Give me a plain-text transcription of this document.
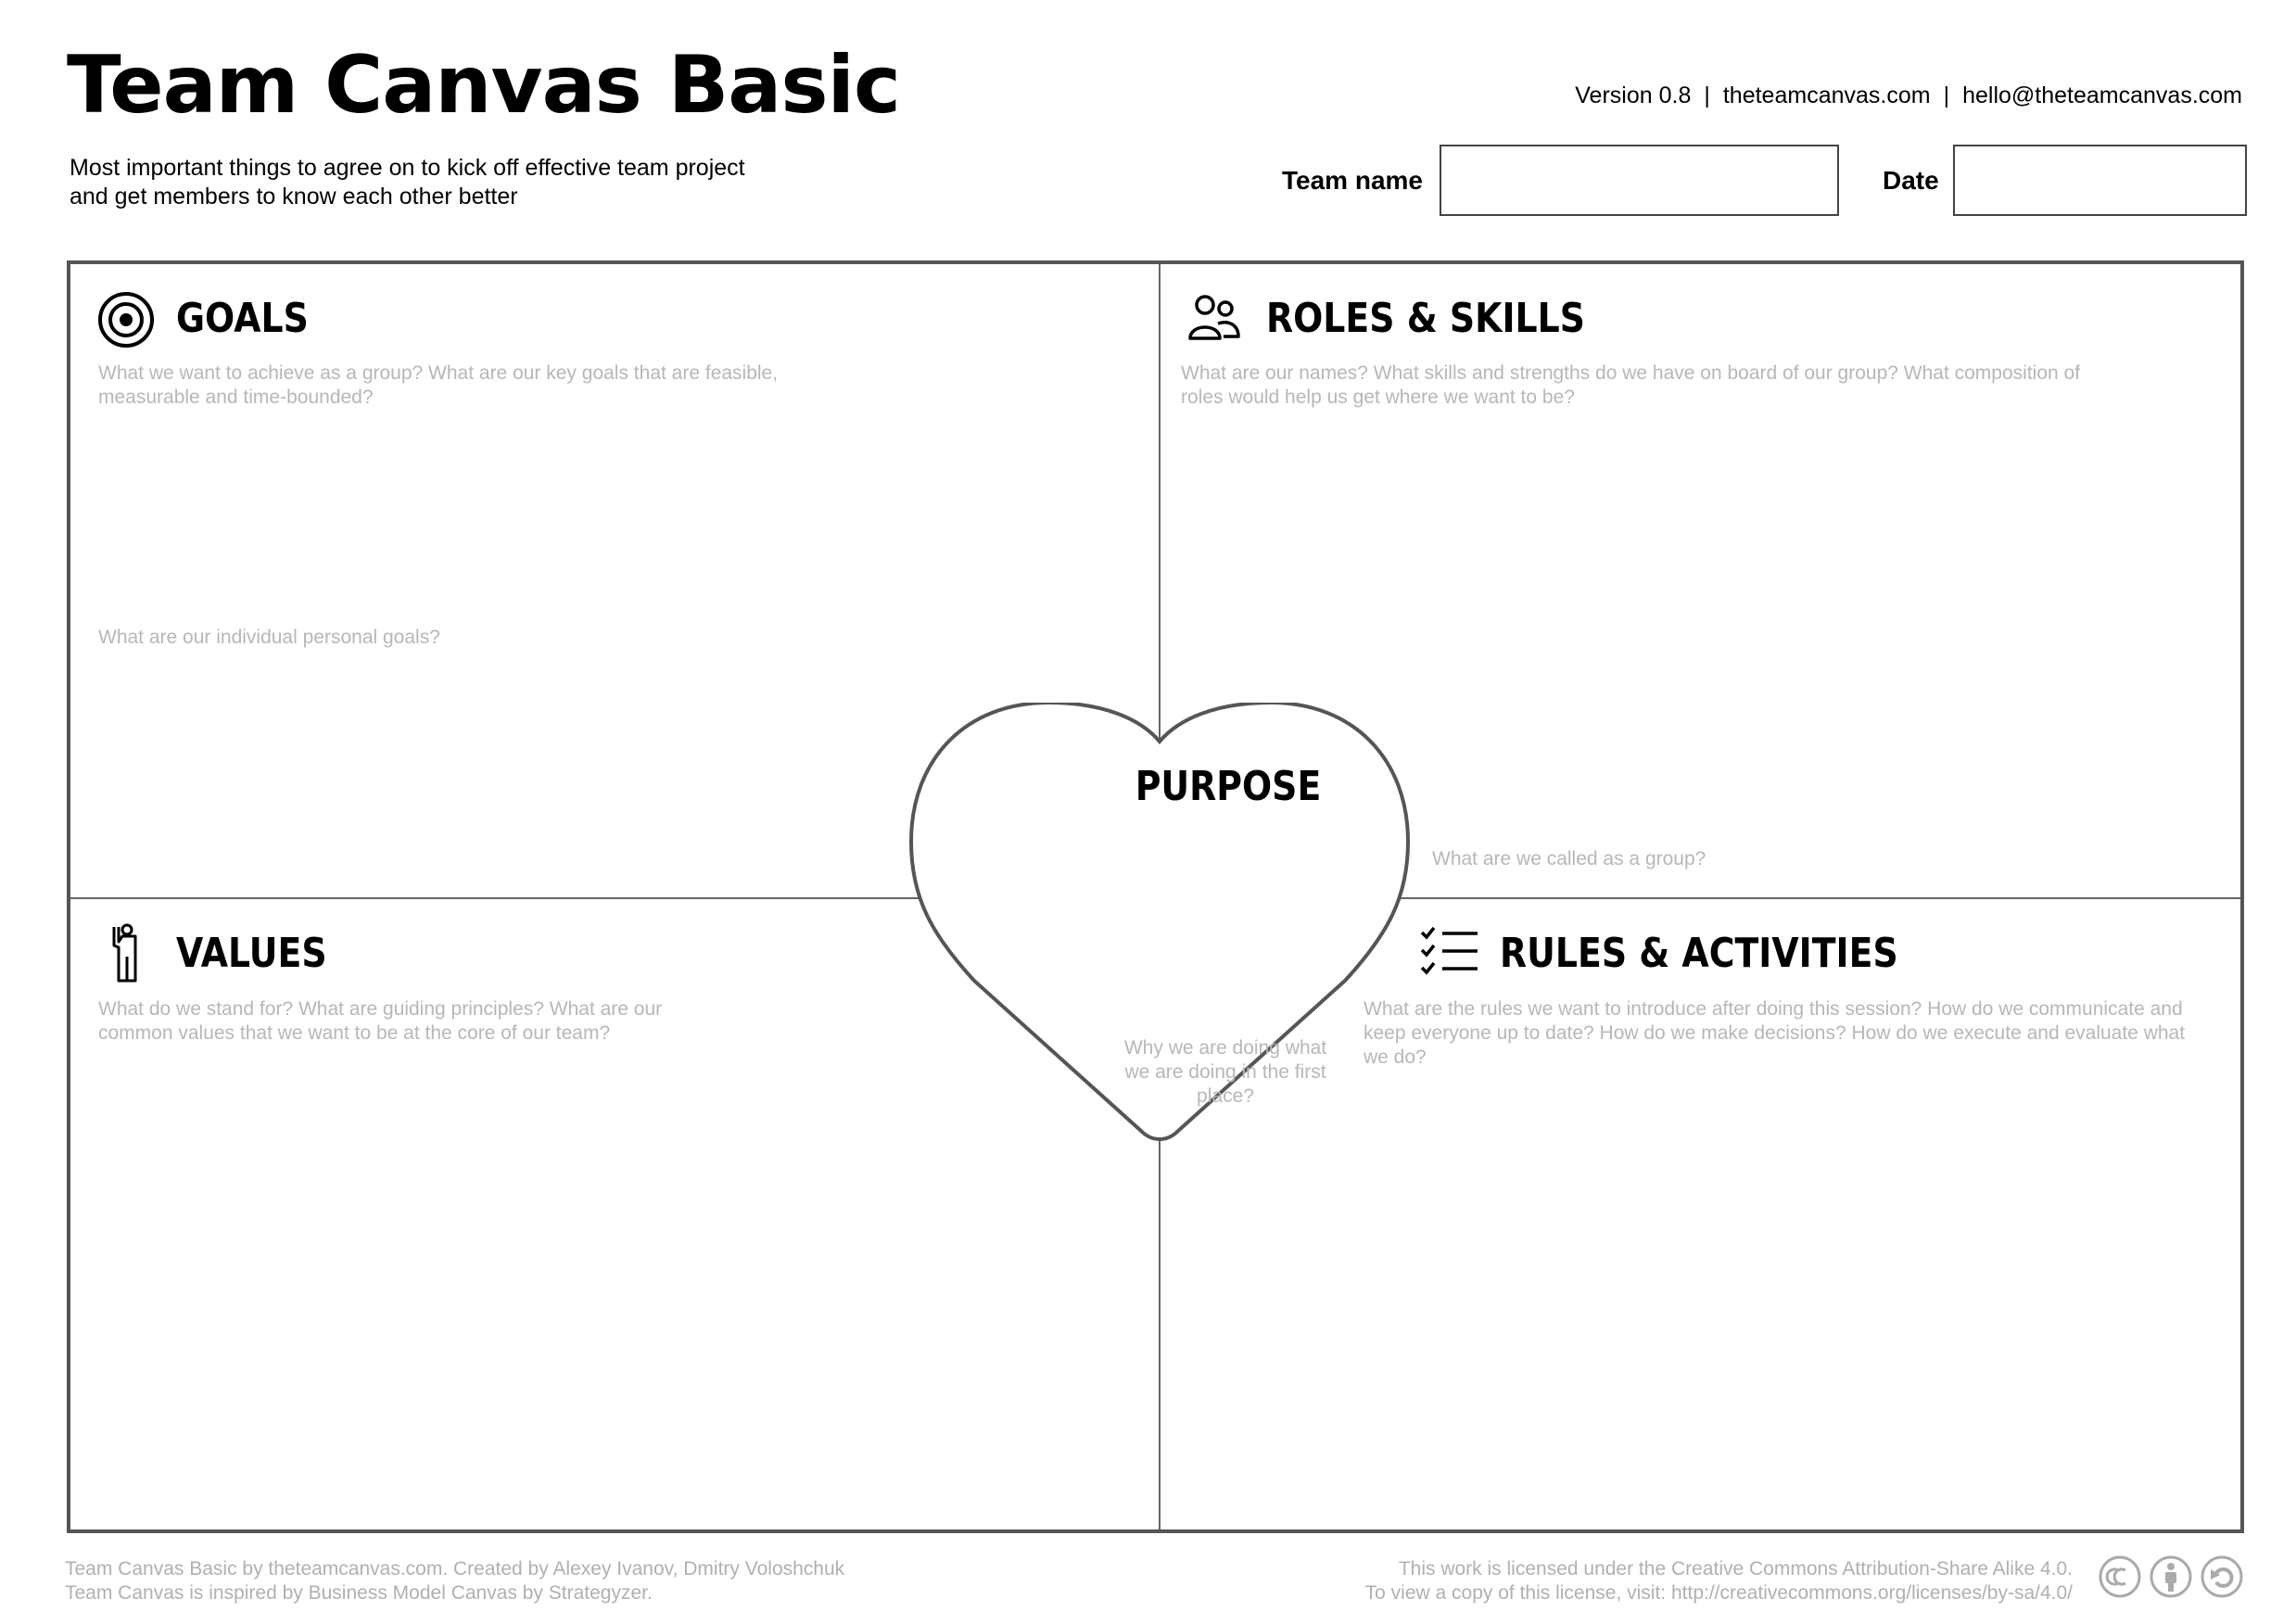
Team Canvas Basic
Most important things to agree on to kick off effective team project
and get members to know each other better
Version 0.8 | theteamcanvas.com | hello@theteamcanvas.com
Team name	Date
GOALS
What we want to achieve as a group? What are our key goals that are feasible, measurable and time-bounded?
What are our individual personal goals?
ROLES & SKILLS
What are our names? What skills and strengths do we have on board of our group? What composition of roles would help us get where we want to be?
What are we called as a group?
VALUES
What do we stand for? What are guiding principles? What are our common values that we want to be at the core of our team?
RULES & ACTIVITIES
What are the rules we want to introduce after doing this session? How do we communicate and keep everyone up to date? How do we make decisions? How do we execute and evaluate what we do?
PURPOSE
Why we are doing what we are doing in the first place?
Team Canvas Basic by theteamcanvas.com. Created by Alexey Ivanov, Dmitry Voloshchuk
Team Canvas is inspired by Business Model Canvas by Strategyzer.
This work is licensed under the Creative Commons Attribution-Share Alike 4.0.
To view a copy of this license, visit: http://creativecommons.org/licenses/by-sa/4.0/
